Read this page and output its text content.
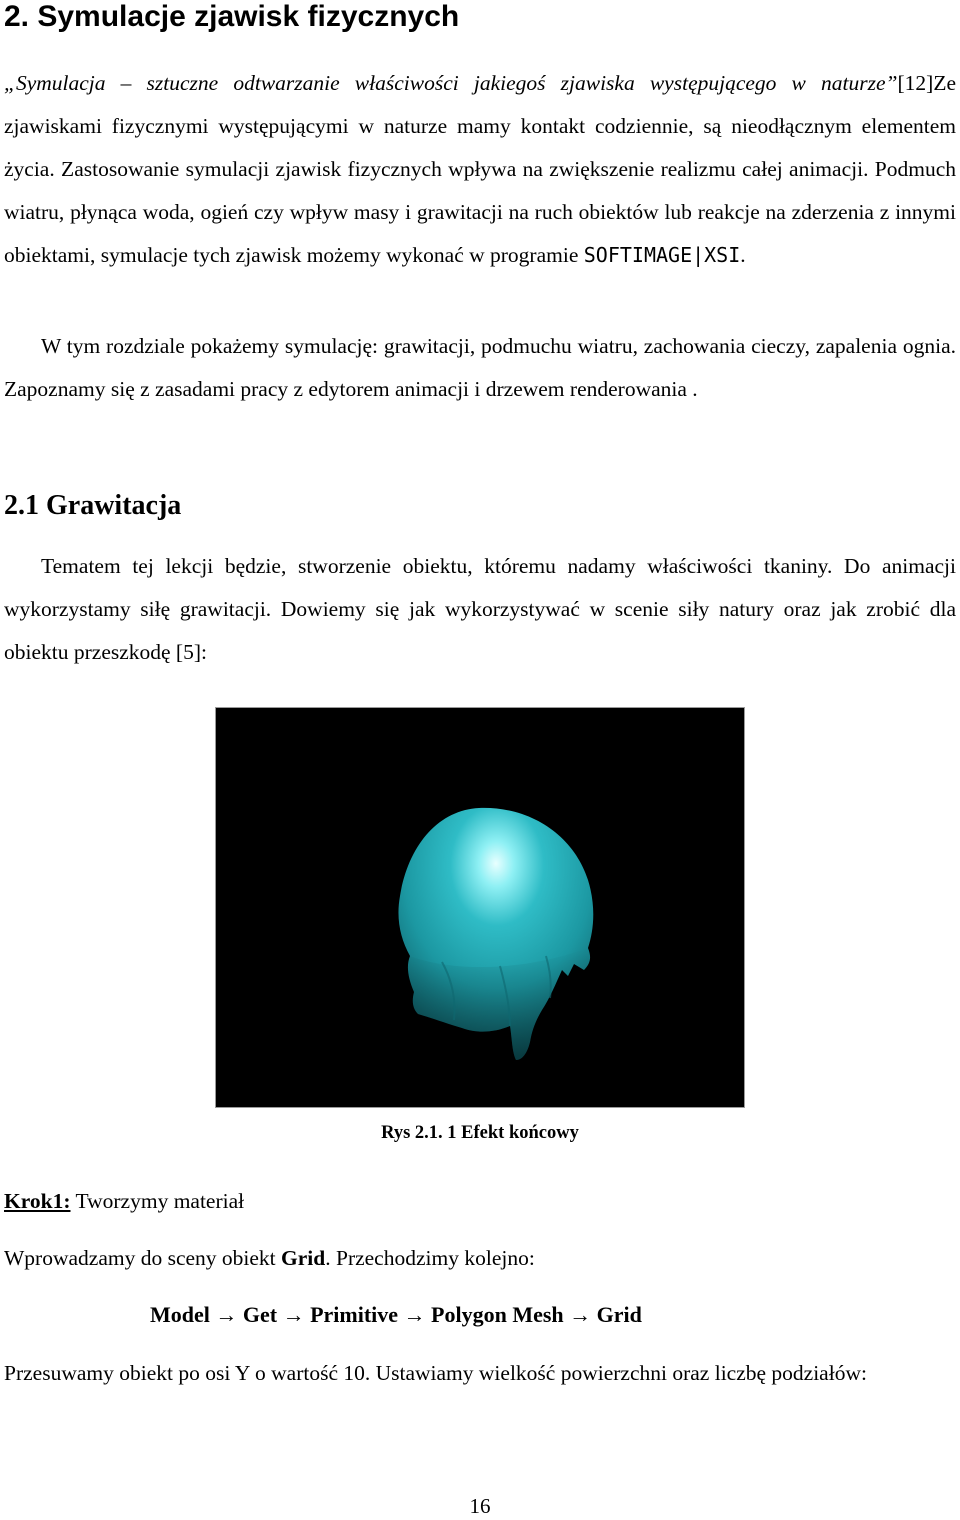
2. Symulacje zjawisk fizycznych

„Symulacja – sztuczne odtwarzanie właściwości jakiegoś zjawiska występującego w naturze”[12]Ze zjawiskami fizycznymi występującymi w naturze mamy kontakt codziennie, są nieodłącznym elementem życia. Zastosowanie symulacji zjawisk fizycznych wpływa na zwiększenie realizmu całej animacji. Podmuch wiatru, płynąca woda, ogień czy wpływ masy i grawitacji na ruch obiektów lub reakcje na zderzenia z innymi obiektami, symulacje tych zjawisk możemy wykonać w programie SOFTIMAGE|XSI.

W tym rozdziale pokażemy symulację: grawitacji, podmuchu wiatru, zachowania cieczy, zapalenia ognia. Zapoznamy się z zasadami pracy z edytorem animacji i drzewem renderowania .

2.1 Grawitacja

Tematem tej lekcji będzie, stworzenie obiektu, któremu nadamy właściwości tkaniny. Do animacji wykorzystamy siłę grawitacji. Dowiemy się jak wykorzystywać w scenie siły natury oraz jak zrobić dla obiektu przeszkodę [5]:

Rys 2.1. 1 Efekt końcowy
Krok1: Tworzymy materiał
Wprowadzamy do sceny obiekt Grid. Przechodzimy kolejno:
Model → Get → Primitive → Polygon Mesh → Grid

Przesuwamy obiekt po osi Y o wartość 10. Ustawiamy wielkość powierzchni oraz liczbę podziałów:

16
